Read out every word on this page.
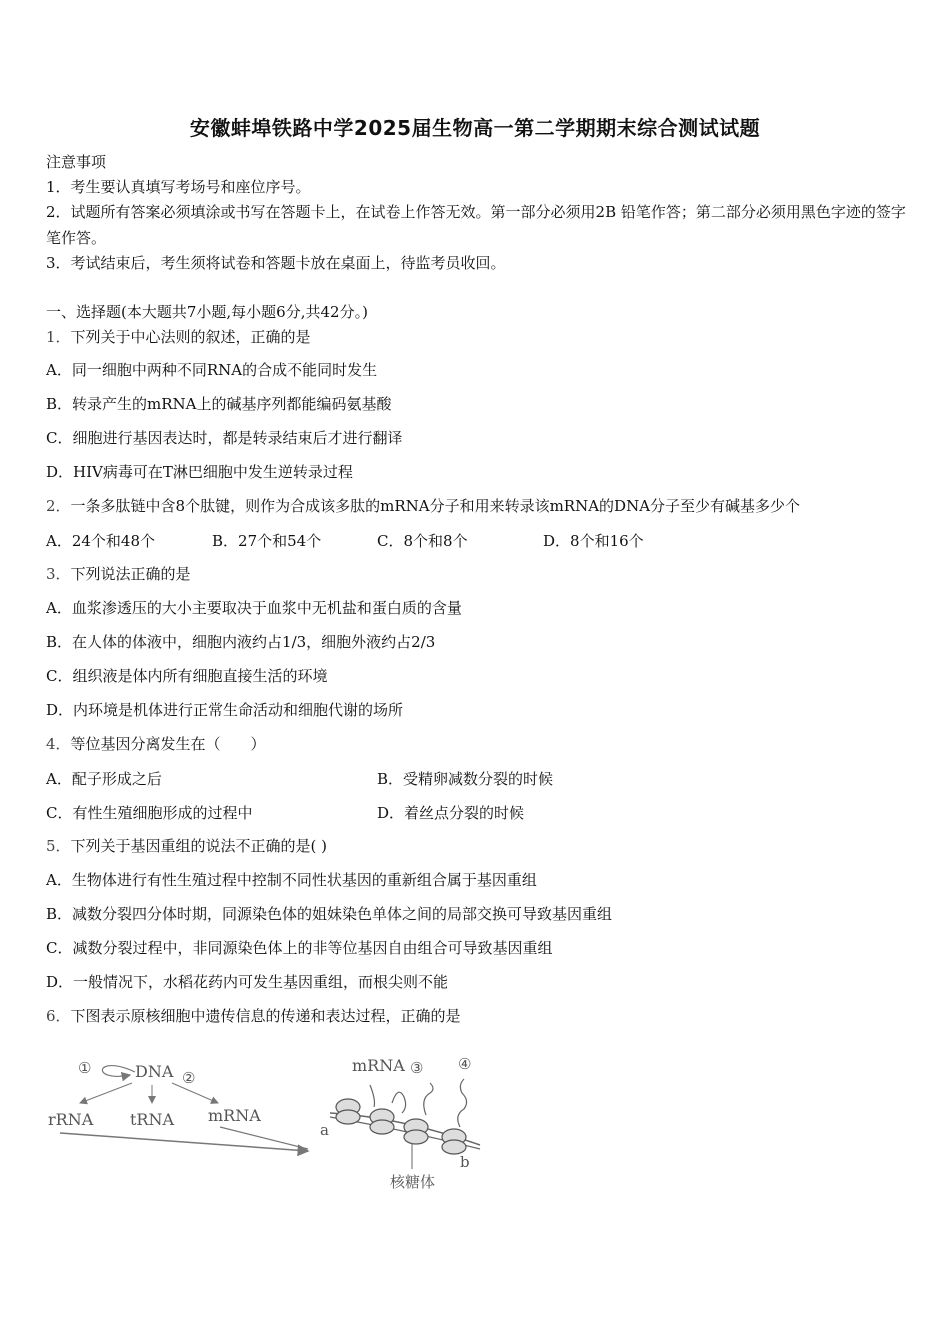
安徽蚌埠铁路中学2025届生物高一第二学期期末综合测试试题
注意事项
1．考生要认真填写考场号和座位序号。
2．试题所有答案必须填涂或书写在答题卡上，在试卷上作答无效。第一部分必须用2B 铅笔作答；第二部分必须用黑色字迹的签字笔作答。
3．考试结束后，考生须将试卷和答题卡放在桌面上，待监考员收回。
一、选择题(本大题共7小题,每小题6分,共42分。)
1．下列关于中心法则的叙述，正确的是
A．同一细胞中两种不同RNA的合成不能同时发生
B．转录产生的mRNA上的碱基序列都能编码氨基酸
C．细胞进行基因表达时，都是转录结束后才进行翻译
D．HIV病毒可在T淋巴细胞中发生逆转录过程
2．一条多肽链中含8个肽键，则作为合成该多肽的mRNA分子和用来转录该mRNA的DNA分子至少有碱基多少个
A．24个和48个	B．27个和54个	C．8个和8个	D．8个和16个
3．下列说法正确的是
A．血浆渗透压的大小主要取决于血浆中无机盐和蛋白质的含量
B．在人体的体液中，细胞内液约占1/3，细胞外液约占2/3
C．组织液是体内所有细胞直接生活的环境
D．内环境是机体进行正常生命活动和细胞代谢的场所
4．等位基因分离发生在（　　）
A．配子形成之后	B．受精卵减数分裂的时候
C．有性生殖细胞形成的过程中	D．着丝点分裂的时候
5．下列关于基因重组的说法不正确的是( )
A．生物体进行有性生殖过程中控制不同性状基因的重新组合属于基因重组
B．减数分裂四分体时期，同源染色体的姐妹染色单体之间的局部交换可导致基因重组
C．减数分裂过程中，非同源染色体上的非等位基因自由组合可导致基因重组
D．一般情况下，水稻花药内可发生基因重组，而根尖则不能
6．下图表示原核细胞中遗传信息的传递和表达过程，正确的是
①	DNA ②
rRNA tRNA mRNA
mRNA ③ ④
a
b
核糖体
